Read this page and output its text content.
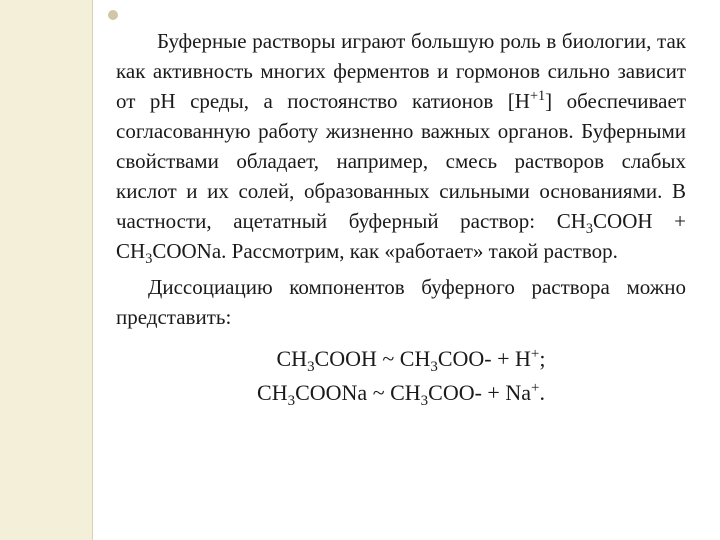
Буферные растворы играют большую роль в биологии, так как активность многих ферментов и гормонов сильно зависит от рН среды, а постоянство катионов $[Н^{+1}]$ обеспечивает согласованную работу жизненно важных органов. Буферными свойствами обладает, например, смесь растворов слабых кислот и их солей, образованных сильными основаниями. В частности, ацетатный буферный раствор: $СН_3СООН$ + $СН_3СООNa$. Рассмотрим, как «работает» такой раствор.

Диссоциацию компонентов буферного раствора можно представить:

$CH_3COOH$ ~ $CH_3COO- + H^+$;
$CH_3COONa$ ~ $CH_3COO- + Na^+$.
